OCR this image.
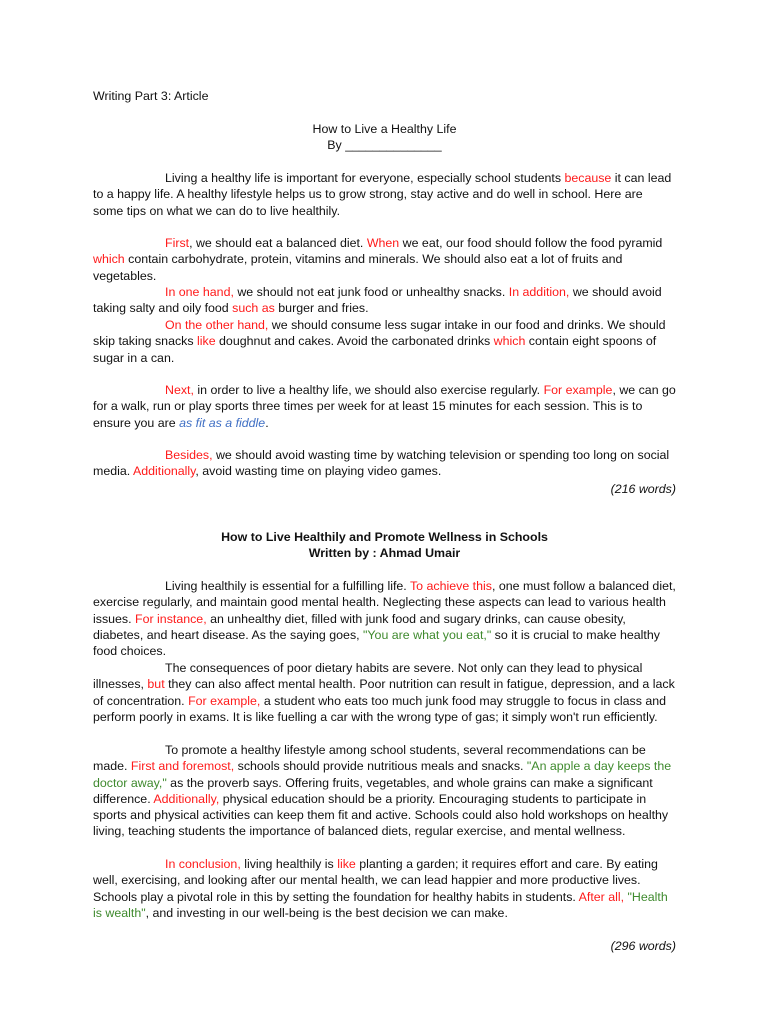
Writing Part 3: Article
How to Live a Healthy Life
By ______________

Living a healthy life is important for everyone, especially school students because it can lead to a happy life. A healthy lifestyle helps us to grow strong, stay active and do well in school. Here are some tips on what we can do to live healthily.

First, we should eat a balanced diet. When we eat, our food should follow the food pyramid which contain carbohydrate, protein, vitamins and minerals. We should also eat a lot of fruits and vegetables.

In one hand, we should not eat junk food or unhealthy snacks. In addition, we should avoid taking salty and oily food such as burger and fries.

On the other hand, we should consume less sugar intake in our food and drinks. We should skip taking snacks like doughnut and cakes. Avoid the carbonated drinks which contain eight spoons of sugar in a can.

Next, in order to live a healthy life, we should also exercise regularly. For example, we can go for a walk, run or play sports three times per week for at least 15 minutes for each session. This is to ensure you are as fit as a fiddle.

Besides, we should avoid wasting time by watching television or spending too long on social media. Additionally, avoid wasting time on playing video games.

(216 words)
How to Live Healthily and Promote Wellness in Schools
Written by : Ahmad Umair

Living healthily is essential for a fulfilling life. To achieve this, one must follow a balanced diet, exercise regularly, and maintain good mental health. Neglecting these aspects can lead to various health issues. For instance, an unhealthy diet, filled with junk food and sugary drinks, can cause obesity, diabetes, and heart disease. As the saying goes, "You are what you eat," so it is crucial to make healthy food choices.

The consequences of poor dietary habits are severe. Not only can they lead to physical illnesses, but they can also affect mental health. Poor nutrition can result in fatigue, depression, and a lack of concentration. For example, a student who eats too much junk food may struggle to focus in class and perform poorly in exams. It is like fuelling a car with the wrong type of gas; it simply won't run efficiently.

To promote a healthy lifestyle among school students, several recommendations can be made. First and foremost, schools should provide nutritious meals and snacks. "An apple a day keeps the doctor away," as the proverb says. Offering fruits, vegetables, and whole grains can make a significant difference. Additionally, physical education should be a priority. Encouraging students to participate in sports and physical activities can keep them fit and active. Schools could also hold workshops on healthy living, teaching students the importance of balanced diets, regular exercise, and mental wellness.

In conclusion, living healthily is like planting a garden; it requires effort and care. By eating well, exercising, and looking after our mental health, we can lead happier and more productive lives. Schools play a pivotal role in this by setting the foundation for healthy habits in students. After all, "Health is wealth", and investing in our well-being is the best decision we can make.

(296 words)
